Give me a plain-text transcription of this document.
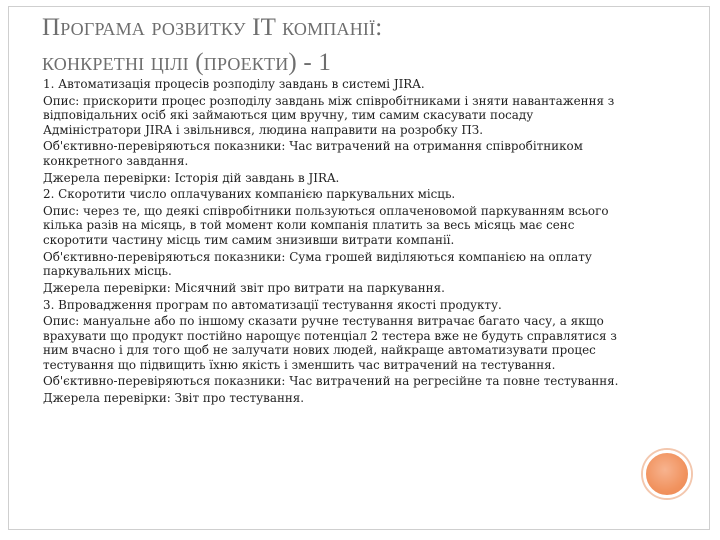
Програма розвитку IT компанії:
конкретні цілі (проекти) - 1

1. Автоматизація процесів розподілу завдань в системі JIRA.

Опис: прискорити процес розподілу завдань між співробітниками і зняти навантаження з відповідальних осіб які займаються цим вручну, тим самим скасувати посаду Адміністратори JIRA і звільнився, людина направити на розробку ПЗ.

Об'єктивно-перевіряються показники: Час витрачений на отримання співробітником конкретного завдання.

Джерела перевірки: Історія дій завдань в JIRA.

2. Скоротити число оплачуваних компанією паркувальних місць.

Опис: через те, що деякі співробітники пользуються оплаченовомой паркуванням всього кілька разів на місяць, в той момент коли компанія платить за весь місяць має сенс скоротити частину місць тим самим знизивши витрати компанії.

Об'єктивно-перевіряються показники: Сума грошей виділяються компанією на оплату паркувальних місць.

Джерела перевірки: Місячний звіт про витрати на паркування.

3. Впровадження програм по автоматизації тестування якості продукту.

Опис: мануальне або по іншому сказати ручне тестування витрачає багато часу, а якщо врахувати що продукт постійно нарощує потенціал 2 тестера вже не будуть справлятися з ним вчасно і для того щоб не залучати нових людей, найкраще автоматизувати процес тестування що підвищить їхню якість і зменшить час витрачений на тестування.

Об'єктивно-перевіряються показники: Час витрачений на регресійне та повне тестування.

Джерела перевірки: Звіт про тестування.
